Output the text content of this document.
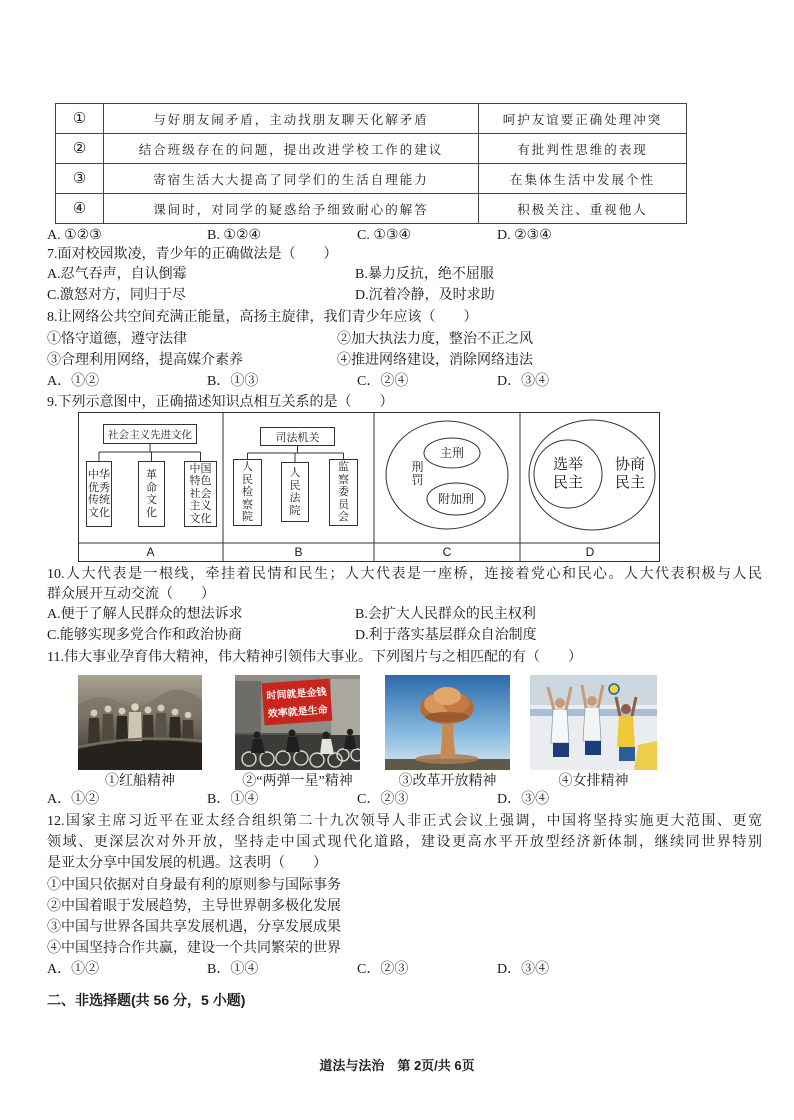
①	与好朋友闹矛盾，主动找朋友聊天化解矛盾	呵护友谊要正确处理冲突
②	结合班级存在的问题，提出改进学校工作的建议	有批判性思维的表现
③	寄宿生活大大提高了同学们的生活自理能力	在集体生活中发展个性
④	课间时，对同学的疑惑给予细致耐心的解答	积极关注、重视他人
A. ①②③	B. ①②④	C. ①③④	D. ②③④
7.面对校园欺凌，青少年的正确做法是（　　）
A.忍气吞声，自认倒霉	B.暴力反抗，绝不屈服
C.激怒对方，同归于尽	D.沉着冷静，及时求助
8.让网络公共空间充满正能量，高扬主旋律，我们青少年应该（　　）
①恪守道德，遵守法律	②加大执法力度，整治不正之风
③合理利用网络，提高媒介素养	④推进网络建设，消除网络违法
A．①②	B．①③	C．②④	D．③④
9.下列示意图中，正确描述知识点相互关系的是（　　）
社会主义先进文化
中华优秀传统文化
革命文化
中国特色社会主义文化
司法机关
人民检察院
人民法院
监察委员会
刑罚
主刑
附加刑
选举民主
协商民主
A	B	C	D
10.人大代表是一根线，牵挂着民情和民生；人大代表是一座桥，连接着党心和民心。人大代表积极与人民
群众展开互动交流（　　）
A.便于了解人民群众的想法诉求	B.会扩大人民群众的民主权利
C.能够实现多党合作和政治协商	D.利于落实基层群众自治制度
11.伟大事业孕育伟大精神，伟大精神引领伟大事业。下列图片与之相匹配的有（　　）
时间就是金钱
效率就是生命
①红船精神	②“两弹一星”精神	③改革开放精神	④女排精神
A．①②	B．①④	C．②③	D．③④
12.国家主席习近平在亚太经合组织第二十九次领导人非正式会议上强调，中国将坚持实施更大范围、更宽
领域、更深层次对外开放，坚持走中国式现代化道路，建设更高水平开放型经济新体制，继续同世界特别
是亚太分享中国发展的机遇。这表明（　　）
①中国只依据对自身最有利的原则参与国际事务
②中国着眼于发展趋势，主导世界朝多极化发展
③中国与世界各国共享发展机遇，分享发展成果
④中国坚持合作共赢，建设一个共同繁荣的世界
A．①②	B．①④	C．②③	D．③④
二、非选择题(共 56 分，5 小题)
道法与法治　第 2页/共 6页
